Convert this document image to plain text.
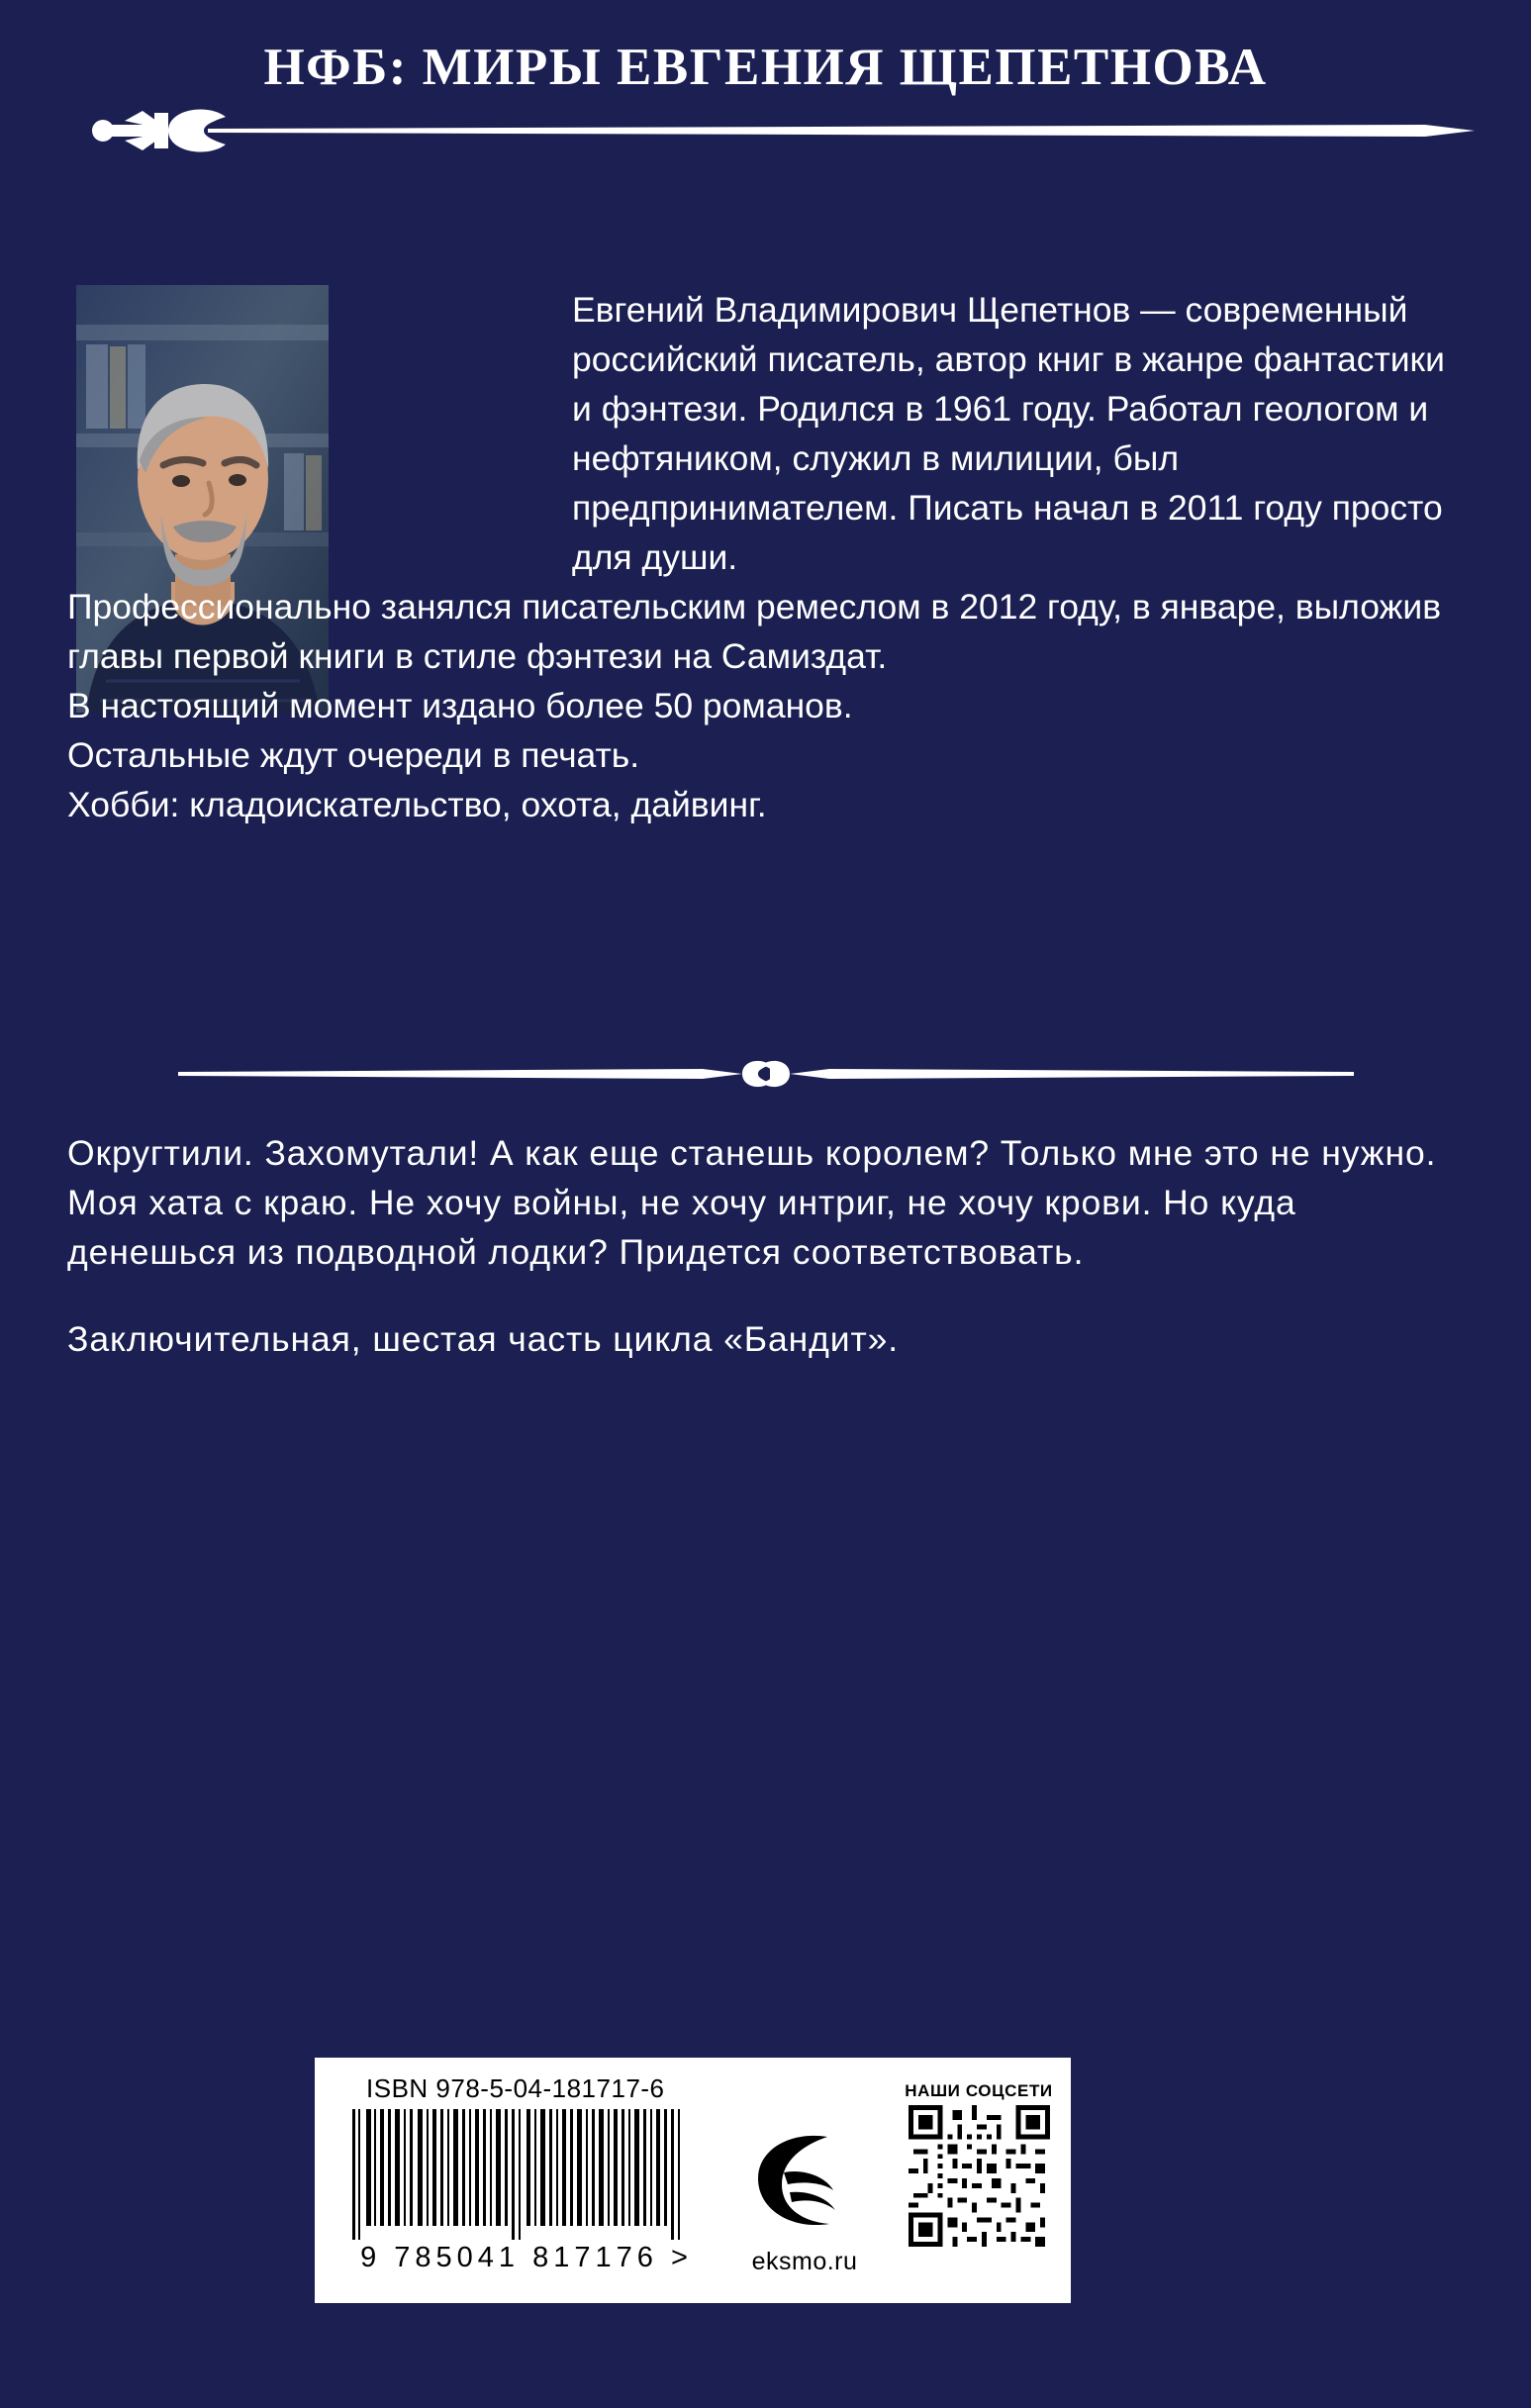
НФБ: МИРЫ ЕВГЕНИЯ ЩЕПЕТНОВА

Евгений Владимирович Щепетнов — современный российский писатель, автор книг в жанре фантастики и фэнтези. Родился в 1961 году. Работал геологом и нефтяником, служил в милиции, был предпринимателем. Писать начал в 2011 году просто для души.

Профессионально занялся писательским ремеслом в 2012 году, в январе, выложив главы первой книги в стиле фэнтези на Самиздат.

В настоящий момент издано более 50 романов.

Остальные ждут очереди в печать.

Хобби: кладоискательство, охота, дайвинг.

Округтили. Захомутали! А как еще станешь королем? Только мне это не нужно. Моя хата с краю. Не хочу войны, не хочу интриг, не хочу крови. Но куда денешься из подводной лодки? Придется соответствовать.

Заключительная, шестая часть цикла «Бандит».

ISBN 978-5-04-181717-6
9 785041 817176 >	eksmo.ru
НАШИ СОЦСЕТИ
